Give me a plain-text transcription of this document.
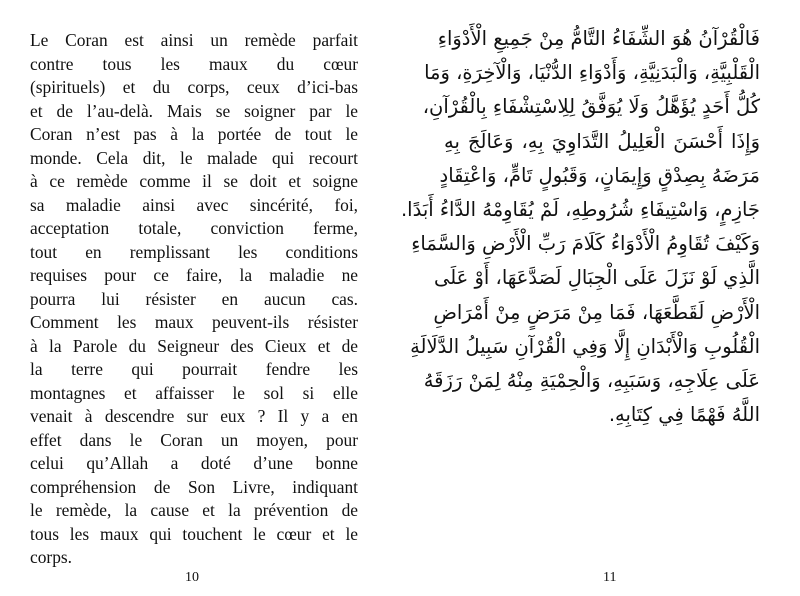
Le Coran est ainsi un remède parfait
contre tous les maux du cœur
(spirituels) et du corps, ceux d’ici-bas
et de l’au-delà. Mais se soigner par le
Coran n’est pas à la portée de tout le
monde. Cela dit, le malade qui recourt
à ce remède comme il se doit et soigne
sa maladie ainsi avec sincérité, foi,
acceptation totale, conviction ferme,
tout en remplissant les conditions
requises pour ce faire, la maladie ne
pourra lui résister en aucun cas.
Comment les maux peuvent-ils résister
à la Parole du Seigneur des Cieux et de
la terre qui pourrait fendre les
montagnes et affaisser le sol si elle
venait à descendre sur eux ? Il y a en
effet dans le Coran un moyen, pour
celui qu’Allah a doté d’une bonne
compréhension de Son Livre, indiquant
le remède, la cause et la prévention de
tous les maux qui touchent le cœur et le
corps.

10

فَالْقُرْآنُ هُوَ الشِّفَاءُ التَّامُّ مِنْ جَمِيعِ الْأَدْوَاءِ
الْقَلْبِيَّةِ، وَالْبَدَنِيَّةِ، وَأَدْوَاءِ الدُّنْيَا، وَالْآخِرَةِ، وَمَا
كُلُّ أَحَدٍ يُؤَهَّلُ وَلَا يُوَفَّقُ لِلِاسْتِشْفَاءِ بِالْقُرْآنِ،
وَإِذَا أَحْسَنَ الْعَلِيلُ التَّدَاوِيَ بِهِ، وَعَالَجَ بِهِ
مَرَضَهُ بِصِدْقٍ وَإِيمَانٍ، وَقَبُولٍ تَامٍّ، وَاعْتِقَادٍ
جَازِمٍ، وَاسْتِيفَاءِ شُرُوطِهِ، لَمْ يُقَاوِمْهُ الدَّاءُ أَبَدًا.
وَكَيْفَ تُقَاوِمُ الْأَدْوَاءُ كَلَامَ رَبِّ الْأَرْضِ وَالسَّمَاءِ
الَّذِي لَوْ نَزَلَ عَلَى الْجِبَالِ لَصَدَّعَهَا، أَوْ عَلَى
الْأَرْضِ لَقَطَّعَهَا، فَمَا مِنْ مَرَضٍ مِنْ أَمْرَاضِ
الْقُلُوبِ وَالْأَبْدَانِ إِلَّا وَفِي الْقُرْآنِ سَبِيلُ الدَّلَالَةِ
عَلَى عِلَاجِهِ، وَسَبَبِهِ، وَالْحِمْيَةِ مِنْهُ لِمَنْ رَزَقَهُ
اللَّهُ فَهْمًا فِي كِتَابِهِ.

11
